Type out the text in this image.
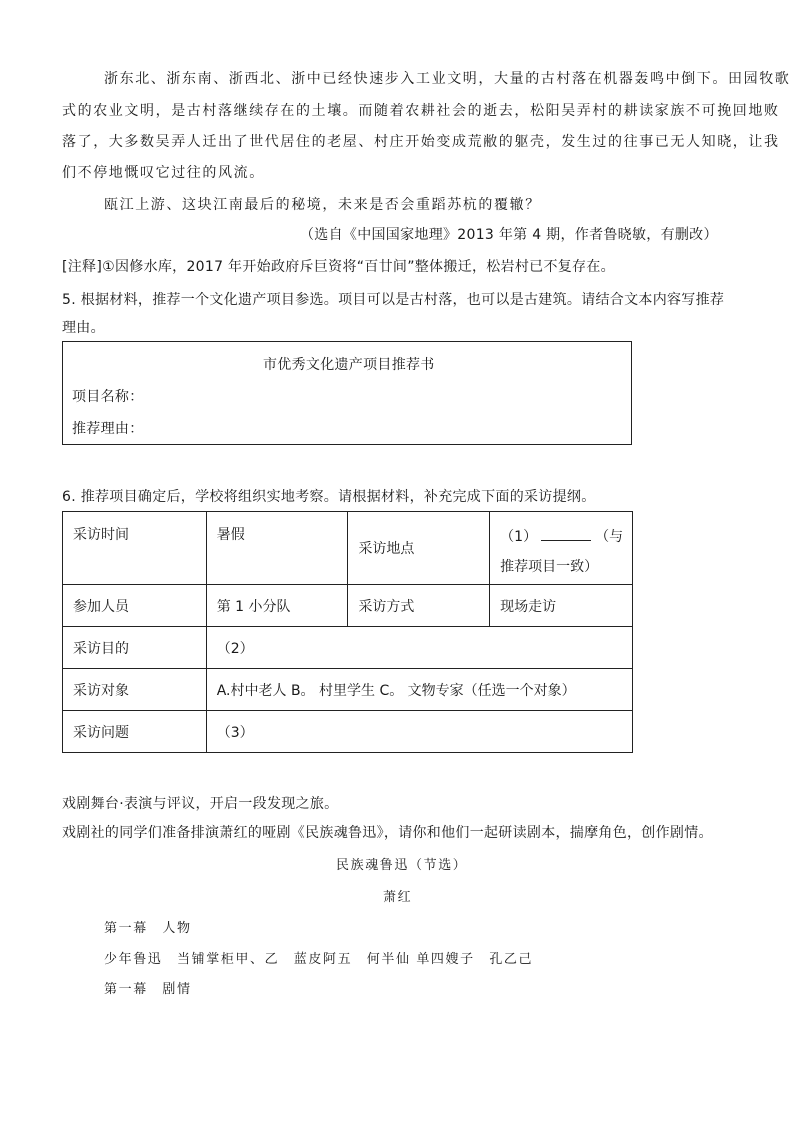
浙东北、浙东南、浙西北、浙中已经快速步入工业文明，大量的古村落在机器轰鸣中倒下。田园牧歌
式的农业文明，是古村落继续存在的土壤。而随着农耕社会的逝去，松阳吴弄村的耕读家族不可挽回地败
落了，大多数吴弄人迁出了世代居住的老屋、村庄开始变成荒敝的躯壳，发生过的往事已无人知晓，让我
们不停地慨叹它过往的风流。
瓯江上游、这块江南最后的秘境，未来是否会重蹈苏杭的覆辙？
（选自《中国国家地理》2013 年第 4 期，作者鲁晓敏，有删改）
[注释]①因修水库，2017 年开始政府斥巨资将“百廿间”整体搬迁，松岩村已不复存在。
5. 根据材料，推荐一个文化遗产项目参选。项目可以是古村落，也可以是古建筑。请结合文本内容写推荐
理由。
市优秀文化遗产项目推荐书
项目名称：
推荐理由：
6. 推荐项目确定后，学校将组织实地考察。请根据材料，补充完成下面的采访提纲。
采访时间	暑假	采访地点	（1） （与
推荐项目一致）
参加人员	第 1 小分队	采访方式	现场走访
采访目的	（2）		
采访对象	A.村中老人 B。 村里学生 C。 文物专家（任选一个对象）		
采访问题	（3）		
戏剧舞台·表演与评议，开启一段发现之旅。
戏剧社的同学们准备排演萧红的哑剧《民族魂鲁迅》，请你和他们一起研读剧本，揣摩角色，创作剧情。
民族魂鲁迅（节选）
萧红
第一幕　人物
少年鲁迅　当铺掌柜甲、乙　蓝皮阿五　何半仙 单四嫂子　孔乙己
第一幕　剧情
